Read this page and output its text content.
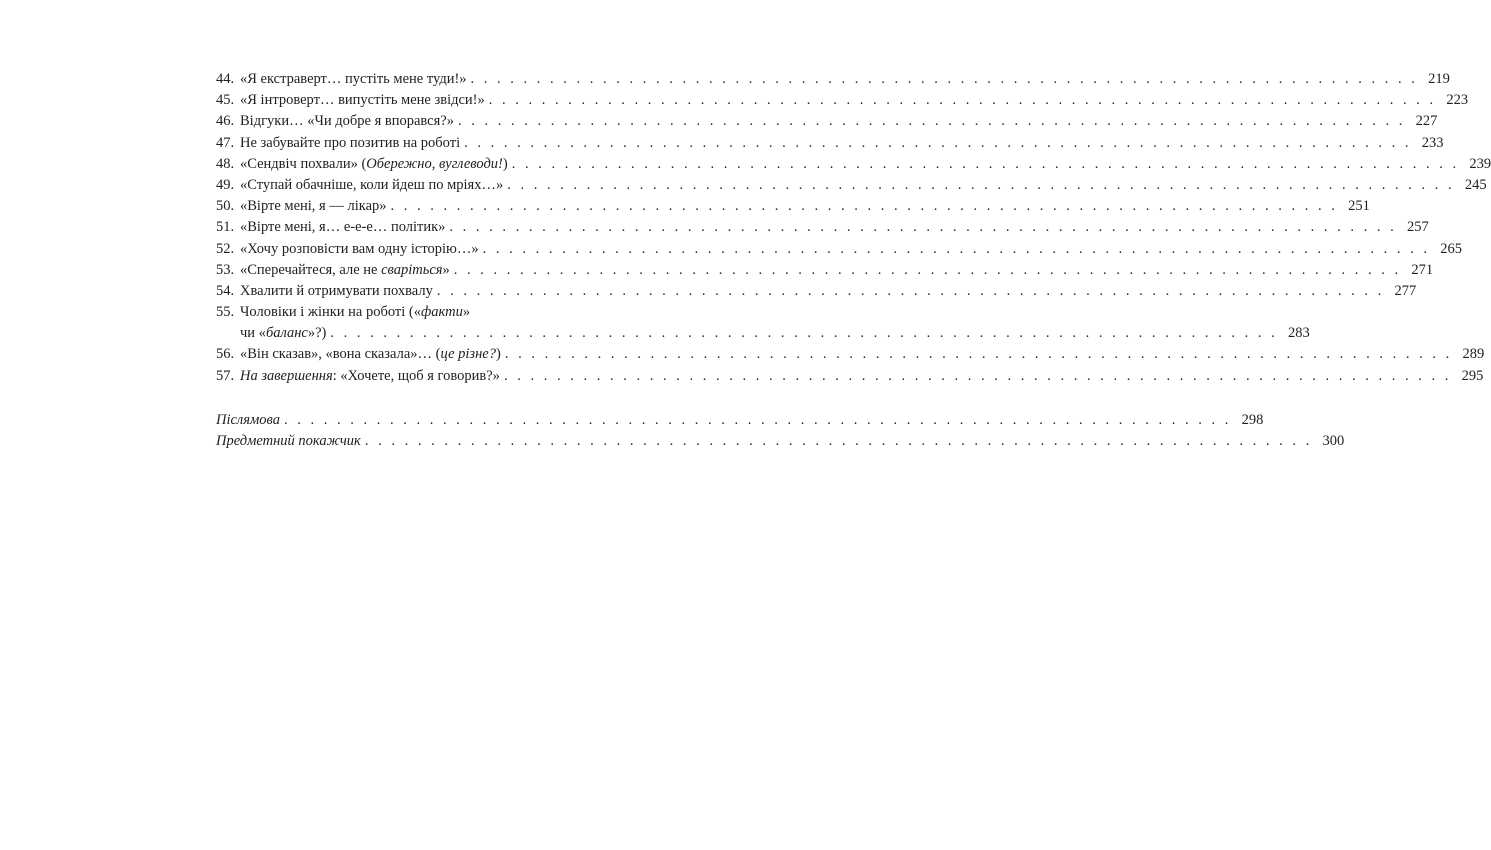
44. «Я екстраверт… пустіть мене туди!» . . .	219
45. «Я інтроверт… випустіть мене звідси!» . . .	223
46. Відгуки… «Чи добре я впорався?» . . .	227
47. Не забувайте про позитив на роботі . . .	233
48. «Сендвіч похвали» (Обережно, вуглеводи!) . . .	239
49. «Ступай обачніше, коли йдеш по мріях…» . . .	245
50. «Вірте мені, я — лікар» . . .	251
51. «Вірте мені, я… е-е-е… політик» . . .	257
52. «Хочу розповісти вам одну історію…» . . .	265
53. «Сперечайтеся, але не сваріться» . . .	271
54. Хвалити й отримувати похвалу . . .	277
55. Чоловіки і жінки на роботі («факти»
чи «баланс»?) . . .	283
56. «Він сказав», «вона сказала»… (це різне?) . . .	289
57. На завершення: «Хочете, щоб я говорив?» . . .	295
Післямова . . .	298
Предметний покажчик . . .	300
